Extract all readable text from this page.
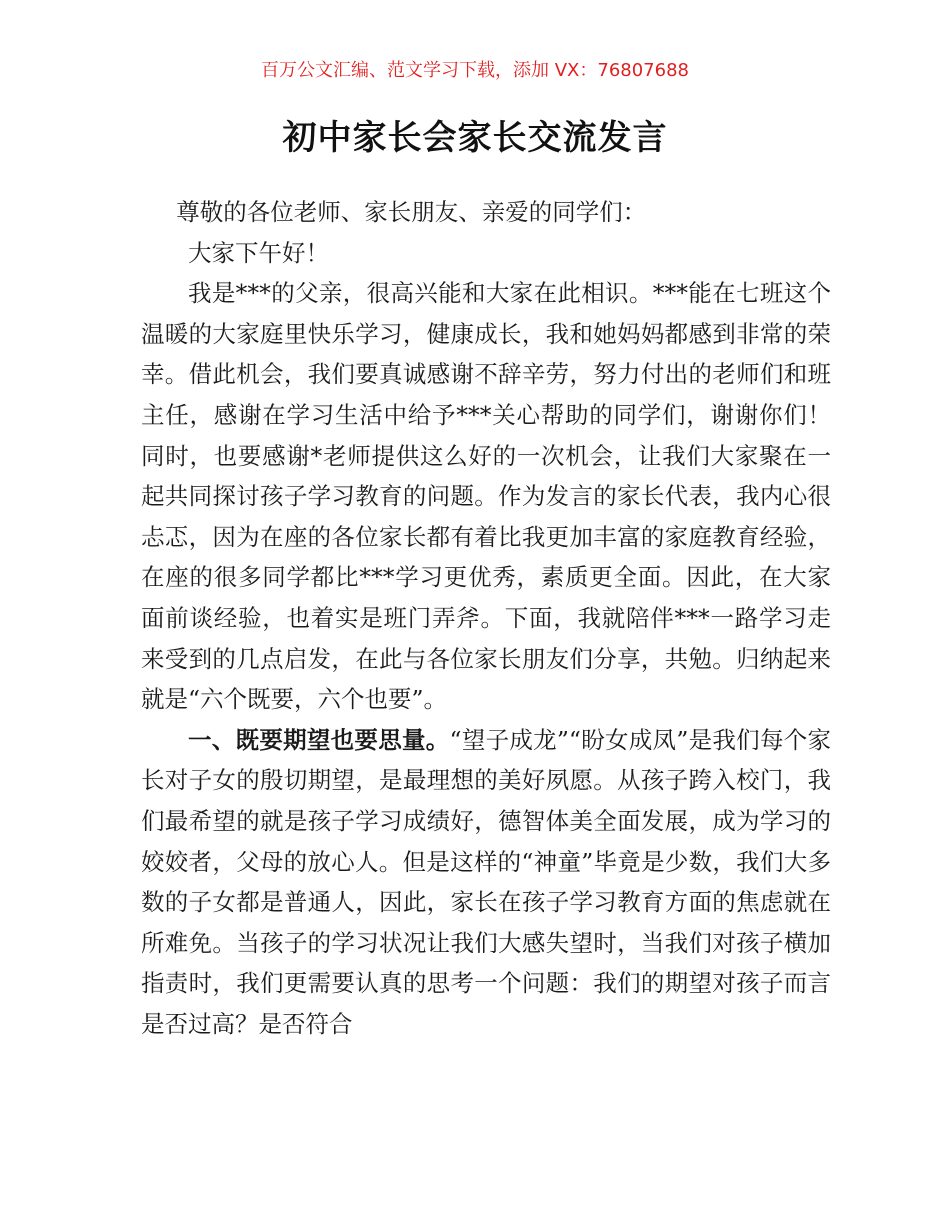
百万公文汇编、范文学习下载，添加 VX：76807688
初中家长会家长交流发言

尊敬的各位老师、家长朋友、亲爱的同学们：

大家下午好！

我是***的父亲，很高兴能和大家在此相识。***能在七班这个温暖的大家庭里快乐学习，健康成长，我和她妈妈都感到非常的荣幸。借此机会，我们要真诚感谢不辞辛劳，努力付出的老师们和班主任，感谢在学习生活中给予***关心帮助的同学们，谢谢你们！同时，也要感谢*老师提供这么好的一次机会，让我们大家聚在一起共同探讨孩子学习教育的问题。作为发言的家长代表，我内心很忐忑，因为在座的各位家长都有着比我更加丰富的家庭教育经验，在座的很多同学都比***学习更优秀，素质更全面。因此，在大家面前谈经验，也着实是班门弄斧。下面，我就陪伴***一路学习走来受到的几点启发，在此与各位家长朋友们分享，共勉。归纳起来就是“六个既要，六个也要”。

一、既要期望也要思量。“望子成龙”“盼女成凤”是我们每个家长对子女的殷切期望，是最理想的美好夙愿。从孩子跨入校门，我们最希望的就是孩子学习成绩好，德智体美全面发展，成为学习的姣姣者，父母的放心人。但是这样的“神童”毕竟是少数，我们大多数的子女都是普通人，因此，家长在孩子学习教育方面的焦虑就在所难免。当孩子的学习状况让我们大感失望时，当我们对孩子横加指责时，我们更需要认真的思考一个问题：我们的期望对孩子而言是否过高？是否符合
